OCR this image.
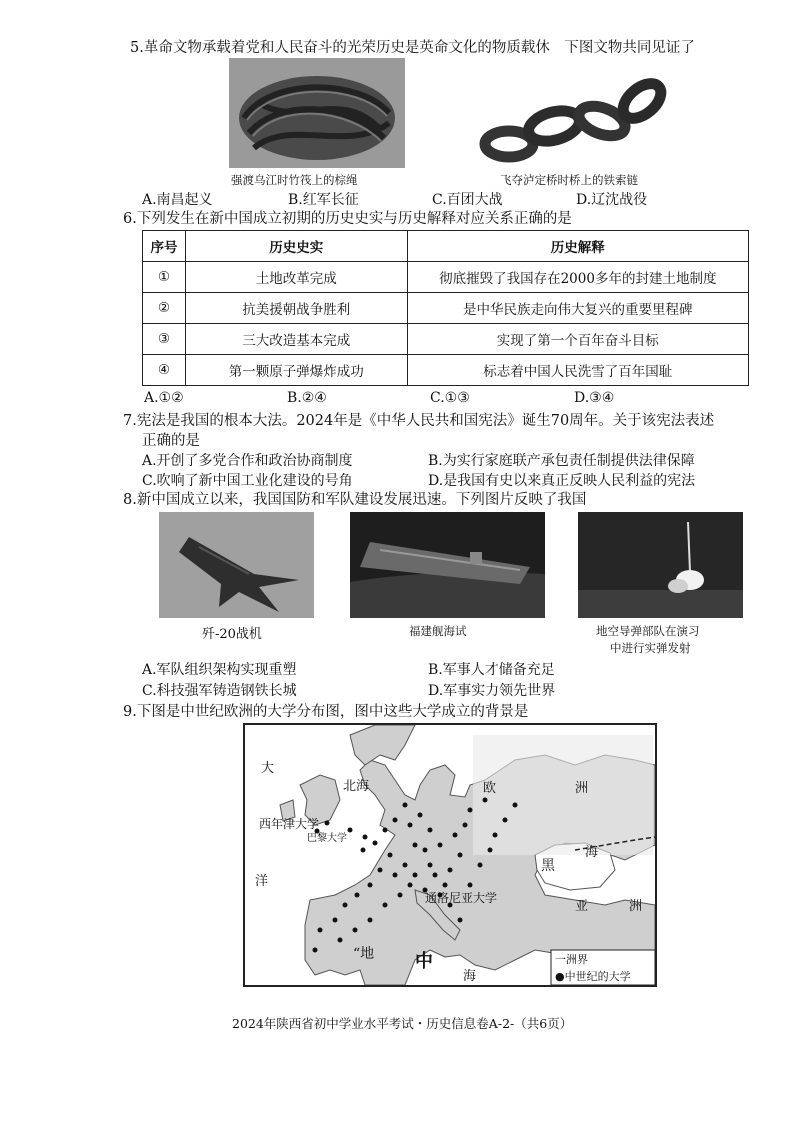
5.革命文物承载着党和人民奋斗的光荣历史是英命文化的物质载休　下图文物共同见证了
强渡乌江时竹筏上的棕绳	飞夺泸定桥时桥上的铁索链
A.南昌起义	B.红军长征	C.百团大战	D.辽沈战役
6.下列发生在新中国成立初期的历史史实与历史解释对应关系正确的是
序号	历史史实	历史解释
①	土地改革完成	彻底摧毁了我国存在2000多年的封建土地制度
②	抗美援朝战争胜利	是中华民族走向伟大复兴的重要里程碑
③	三大改造基本完成	实现了第一个百年奋斗目标
④	第一颗原子弹爆炸成功	标志着中国人民洗雪了百年国耻
A.①②	B.②④	C.①③	D.③④
7.宪法是我国的根本大法。2024年是《中华人民共和国宪法》诞生70周年。关于该宪法表述
正确的是
A.开创了多党合作和政治协商制度	B.为实行家庭联产承包责任制提供法律保障
C.吹响了新中国工业化建设的号角	D.是我国有史以来真正反映人民利益的宪法
8.新中国成立以来，我国国防和军队建设发展迅速。下列图片反映了我国
歼-20战机	福建舰海试	地空导弹部队在演习
中进行实弹发射
A.军队组织架构实现重塑	B.军事人才储备充足
C.科技强军铸造钢铁长城	D.军事实力领先世界
9.下图是中世纪欧洲的大学分布图，图中这些大学成立的背景是
大
洋
北海	欧	洲
西年津大学
巴黎大学
黑
海
通洛尼亚大学
亚	洲
“地 中
海
一洲界
●中世纪的大学
2024年陕西省初中学业水平考试・历史信息卷A-2-（共6页）
